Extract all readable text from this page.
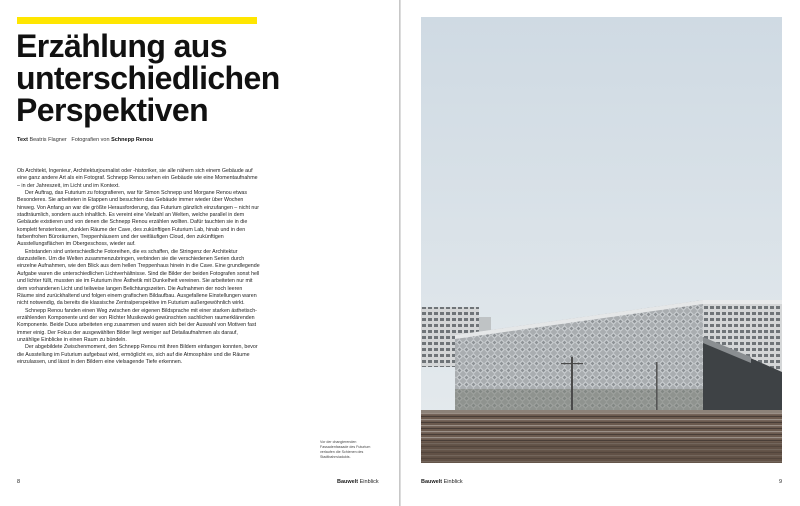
Erzählung aus
unterschiedlichen
Perspektiven
Text Beatris Flagner Fotografien von Schnepp Renou

Ob Architekt, Ingenieur, Architekturjournalist oder -historiker, sie alle nähern sich einem Gebäude auf eine ganz andere Art als ein Fotograf. Schnepp Renou sehen ein Gebäude wie eine Momentaufnahme – in der Jahreszeit, im Licht und im Kontext.

Der Auftrag, das Futurium zu fotografieren, war für Simon Schnepp und Morgane Renou etwas Besonderes. Sie arbeiteten in Etappen und besuchten das Gebäude immer wieder über Wochen hinweg. Von Anfang an war die größte Herausforderung, das Futurium gänzlich einzufangen – nicht nur stadträumlich, sondern auch inhaltlich. Es vereint eine Vielzahl an Welten, welche parallel in dem Gebäude existieren und von denen die Schnepp Renou erzählen wollten. Dafür tauchten sie in die komplett fensterlosen, dunklen Räume der Cave, des zukünftigen Futurium Lab, hinab und in den farbenfrohen Büroräumen, Treppenhäusern und der weitläufigen Cloud, den zukünftigen Ausstellungsflächen im Obergeschoss, wieder auf.

Entstanden sind unterschiedliche Fotoreihen, die es schaffen, die Stringenz der Architektur darzustellen. Um die Welten zusammenzubringen, verbinden sie die verschiedenen Serien durch einzelne Aufnahmen, wie den Blick aus dem hellen Treppenhaus hinein in die Cave. Eine grundlegende Aufgabe waren die unterschiedlichen Lichtverhältnisse. Sind die Bilder der beiden Fotografen sonst hell und lichter füllt, mussten sie im Futurium ihre Ästhetik mit Dunkelheit vereinen. Sie arbeiteten nur mit dem vorhandenen Licht und teilweise langen Belichtungszeiten. Die Aufnahmen der noch leeren Räume sind zurückhaltend und folgen einem grafischen Bildaufbau. Ausgefallene Einstellungen waren nicht notwendig, da bereits die klassische Zentralperspektive im Futurium außergewöhnlich wirkt.

Schnepp Renou fanden einen Weg zwischen der eigenen Bildsprache mit einer starken ästhetisch-erzählenden Komponente und der von Richter Musikowski gewünschten sachlichen raumerklärenden Komponente. Beide Duos arbeiteten eng zusammen und waren sich bei der Auswahl von Motiven fast immer einig. Der Fokus der ausgewählten Bilder liegt weniger auf Detailaufnahmen als darauf, unzählige Einblicke in einen Raum zu bündeln.

Der abgebildete Zwischenmoment, den Schnepp Renou mit ihren Bildern einfangen konnten, bevor die Ausstellung im Futurium aufgebaut wird, ermöglicht es, sich auf die Atmosphäre und die Räume einzulassen, und lässt in den Bildern eine vielsagende Tiefe erkennen.

Vor der changierenden Fassadenfassade des Futurium verlaufen die Schienen des Stadtbahnviadukts.
8	Bauwelt Einblick	Bauwelt Einblick	9
